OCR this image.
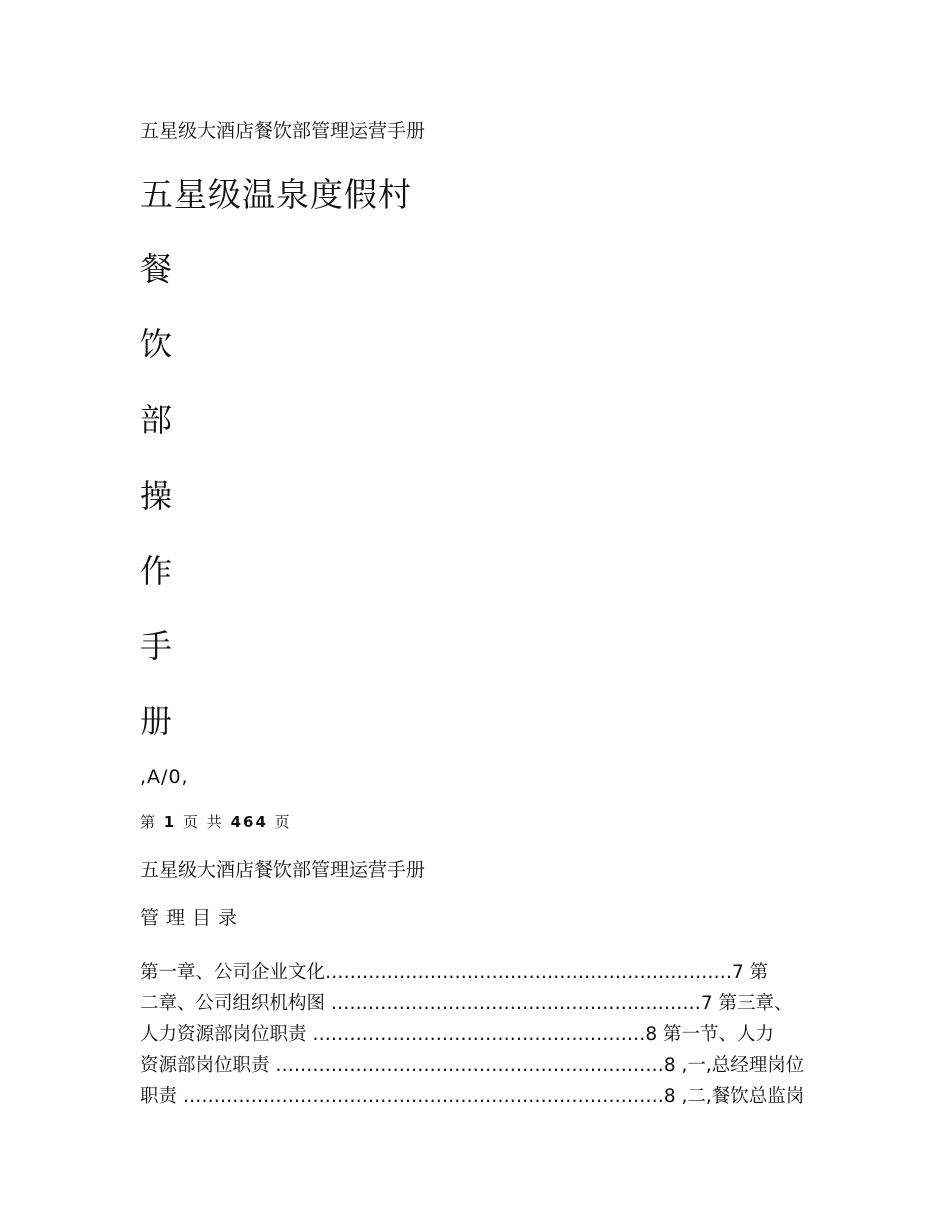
五星级大酒店餐饮部管理运营手册
五星级温泉度假村
餐
饮
部
操
作
手
册
,A/0,
第 1 页 共 464 页
五星级大酒店餐饮部管理运营手册
管理目录
第一章、公司企业文化…………………………………………………………7 第
二章、公司组织机构图 ……………………………………………………7 第三章、
人力资源部岗位职责 ………………………………………………8 第一节、人力
资源部岗位职责 ………………………………………………………8 ,一,总经理岗位
职责 ……………………………………………………………………8 ,二,餐饮总监岗
